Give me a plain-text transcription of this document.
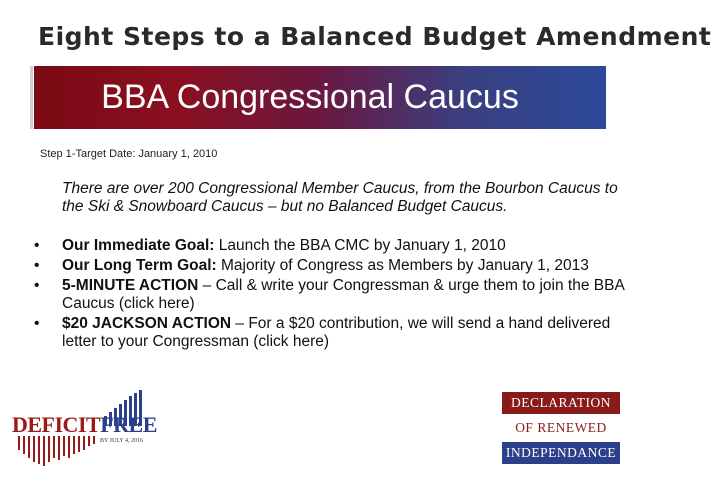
Eight Steps to a Balanced Budget Amendment
BBA Congressional Caucus
Step 1-Target Date: January 1, 2010
There are over 200 Congressional Member Caucus, from the Bourbon Caucus to the Ski & Snowboard Caucus – but no Balanced Budget Caucus.
• Our Immediate Goal: Launch the BBA CMC by January 1, 2010
• Our Long Term Goal: Majority of Congress as Members by January 1, 2013
• 5-MINUTE ACTION – Call & write your Congressman & urge them to join the BBA Caucus (click here)
• $20 JACKSON ACTION – For a $20 contribution, we will send a hand delivered letter to your Congressman (click here)
DEFICITFREE
BY JULY 4, 2016
DECLARATION
OF RENEWED
INDEPENDANCE
